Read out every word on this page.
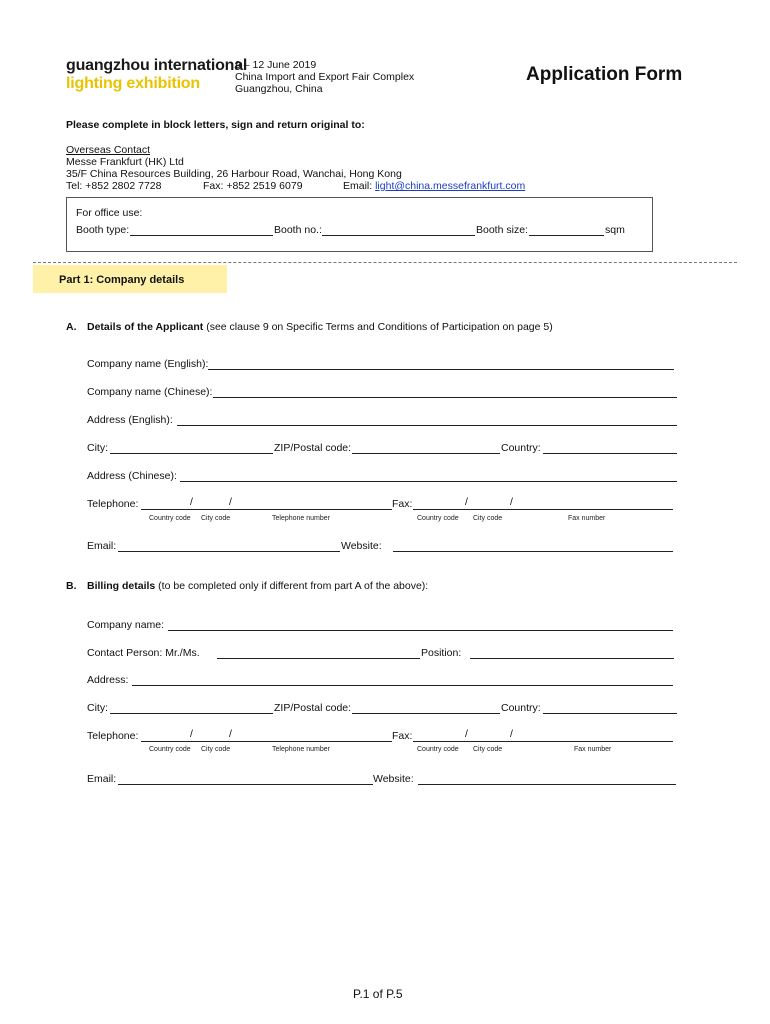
guangzhou international
lighting exhibition
9 – 12 June 2019
China Import and Export Fair Complex
Guangzhou, China
Application Form
Please complete in block letters, sign and return original to:
Overseas Contact
Messe Frankfurt (HK) Ltd
35/F China Resources Building, 26 Harbour Road, Wanchai, Hong Kong
Tel: +852 2802 7728	Fax: +852 2519 6079	Email: light@china.messefrankfurt.com
For office use:
Booth type:	Booth no.:	Booth size:	sqm
Part 1: Company details
A. Details of the Applicant (see clause 9 on Specific Terms and Conditions of Participation on page 5)
Company name (English):
Company name (Chinese):
Address (English):
City:	ZIP/Postal code:	Country:
Address (Chinese):
Telephone:	/	/	Fax:	/	/
Country code City code	Telephone number	Country code City code	Fax number
Email:	Website:
B. Billing details (to be completed only if different from part A of the above):
Company name:
Contact Person: Mr./Ms.	Position:
Address:
City:	ZIP/Postal code:	Country:
Telephone:	/	/	Fax:	/	/
Country code City code	Telephone number	Country code City code	Fax number
Email:	Website:
P.1 of P.5
